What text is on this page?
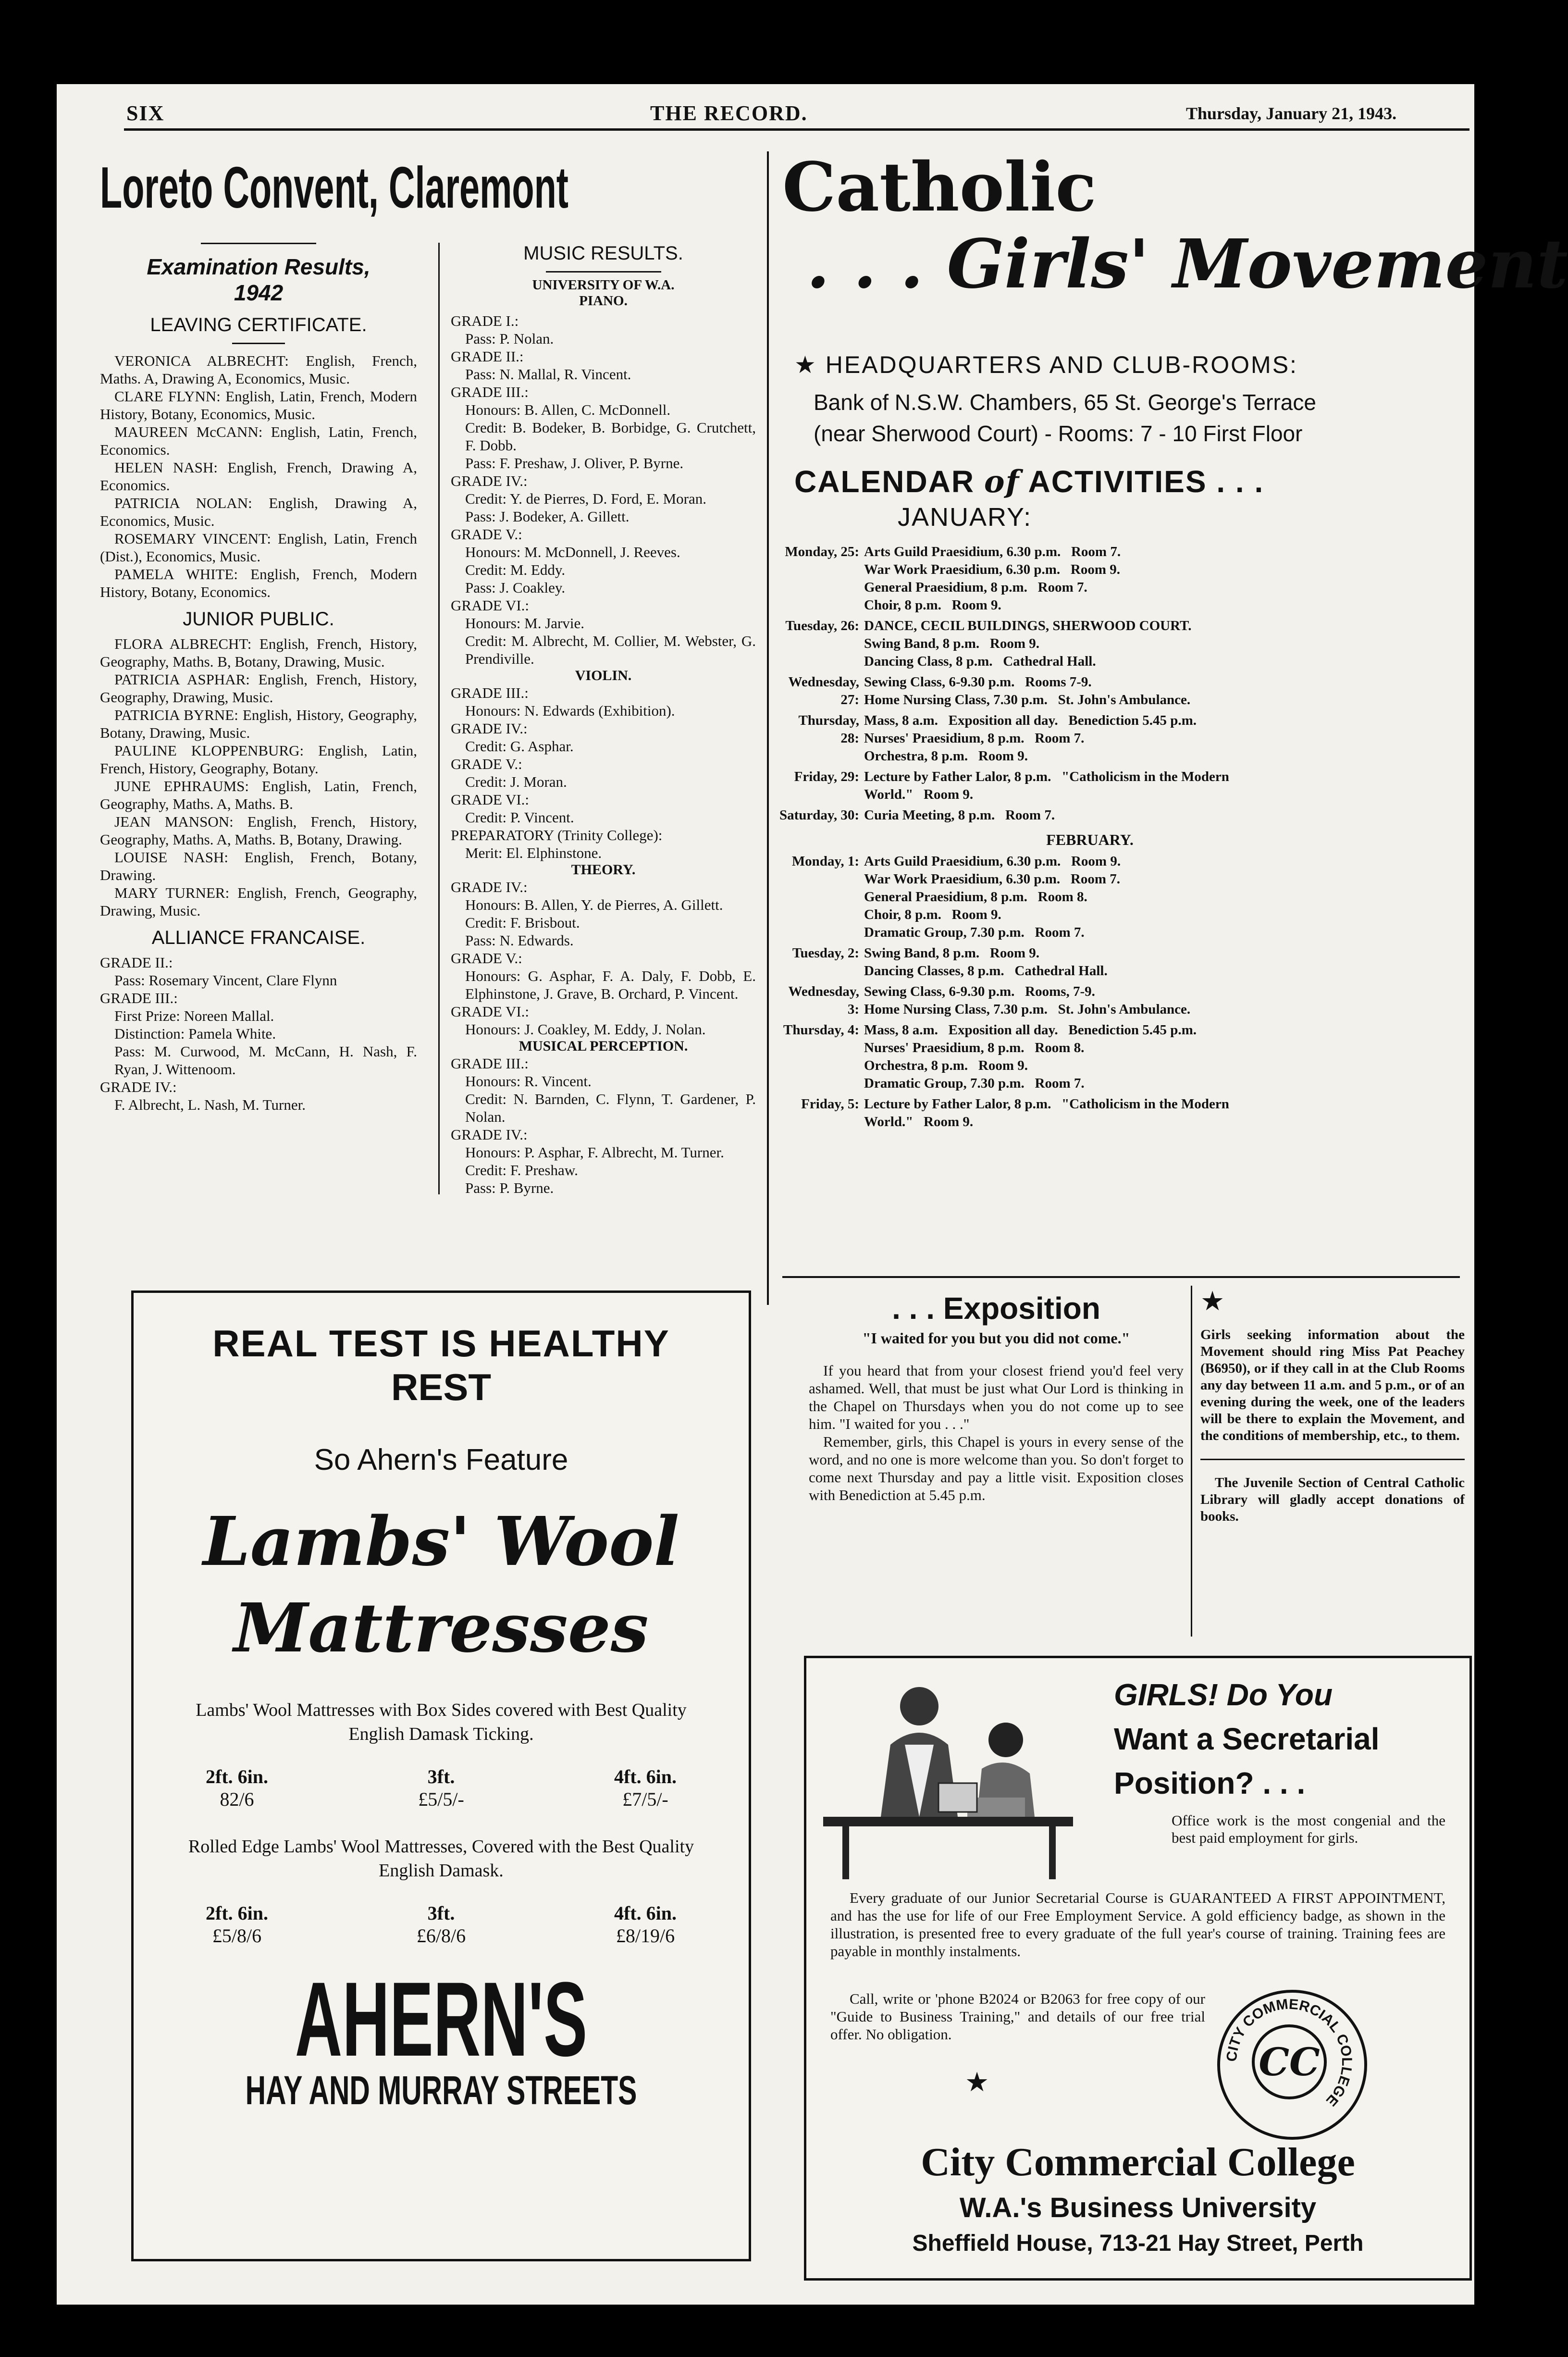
SIX	THE RECORD.	Thursday, January 21, 1943.
Loreto Convent, Claremont
Examination Results,
1942
LEAVING CERTIFICATE.

VERONICA ALBRECHT: English, French, Maths. A, Drawing A, Economics, Music.

CLARE FLYNN: English, Latin, French, Modern History, Botany, Economics, Music.

MAUREEN McCANN: English, Latin, French, Economics.

HELEN NASH: English, French, Drawing A, Economics.

PATRICIA NOLAN: English, Drawing A, Economics, Music.

ROSEMARY VINCENT: English, Latin, French (Dist.), Economics, Music.

PAMELA WHITE: English, French, Modern History, Botany, Economics.

JUNIOR PUBLIC.

FLORA ALBRECHT: English, French, History, Geography, Maths. B, Botany, Drawing, Music.

PATRICIA ASPHAR: English, French, History, Geography, Drawing, Music.

PATRICIA BYRNE: English, History, Geography, Botany, Drawing, Music.

PAULINE KLOPPENBURG: English, Latin, French, History, Geography, Botany.

JUNE EPHRAUMS: English, Latin, French, Geography, Maths. A, Maths. B.

JEAN MANSON: English, French, History, Geography, Maths. A, Maths. B, Botany, Drawing.

LOUISE NASH: English, French, Botany, Drawing.

MARY TURNER: English, French, Geography, Drawing, Music.

ALLIANCE FRANCAISE.

GRADE II.:

Pass: Rosemary Vincent, Clare Flynn

GRADE III.:

First Prize: Noreen Mallal.

Distinction: Pamela White.

Pass: M. Curwood, M. McCann, H. Nash, F. Ryan, J. Wittenoom.

GRADE IV.:

F. Albrecht, L. Nash, M. Turner.

MUSIC RESULTS.
UNIVERSITY OF W.A.
PIANO.

GRADE I.:

Pass: P. Nolan.

GRADE II.:

Pass: N. Mallal, R. Vincent.

GRADE III.:

Honours: B. Allen, C. McDonnell.

Credit: B. Bodeker, B. Borbidge, G. Crutchett, F. Dobb.

Pass: F. Preshaw, J. Oliver, P. Byrne.

GRADE IV.:

Credit: Y. de Pierres, D. Ford, E. Moran.

Pass: J. Bodeker, A. Gillett.

GRADE V.:

Honours: M. McDonnell, J. Reeves.

Credit: M. Eddy.

Pass: J. Coakley.

GRADE VI.:

Honours: M. Jarvie.

Credit: M. Albrecht, M. Collier, M. Webster, G. Prendiville.

VIOLIN.

GRADE III.:

Honours: N. Edwards (Exhibition).

GRADE IV.:

Credit: G. Asphar.

GRADE V.:

Credit: J. Moran.

GRADE VI.:

Credit: P. Vincent.

PREPARATORY (Trinity College):

Merit: El. Elphinstone.

THEORY.

GRADE IV.:

Honours: B. Allen, Y. de Pierres, A. Gillett.

Credit: F. Brisbout.

Pass: N. Edwards.

GRADE V.:

Honours: G. Asphar, F. A. Daly, F. Dobb, E. Elphinstone, J. Grave, B. Orchard, P. Vincent.

GRADE VI.:

Honours: J. Coakley, M. Eddy, J. Nolan.

MUSICAL PERCEPTION.

GRADE III.:

Honours: R. Vincent.

Credit: N. Barnden, C. Flynn, T. Gardener, P. Nolan.

GRADE IV.:

Honours: P. Asphar, F. Albrecht, M. Turner.

Credit: F. Preshaw.

Pass: P. Byrne.

REAL TEST IS HEALTHY
REST
So Ahern's Feature
Lambs' Wool
Mattresses
Lambs' Wool Mattresses with Box Sides covered with Best Quality English Damask Ticking.
2ft. 6in.
82/6
3ft.
£5/5/-
4ft. 6in.
£7/5/-
Rolled Edge Lambs' Wool Mattresses, Covered with the Best Quality English Damask.
2ft. 6in.
£5/8/6
3ft.
£6/8/6
4ft. 6in.
£8/19/6
AHERN'S
HAY AND MURRAY STREETS
Catholic
. . . Girls' Movement
★ HEADQUARTERS AND CLUB-ROOMS:
Bank of N.S.W. Chambers, 65 St. George's Terrace
(near Sherwood Court) - Rooms: 7 - 10 First Floor
CALENDAR of ACTIVITIES . . .
JANUARY:
Monday, 25: Arts Guild Praesidium, 6.30 p.m.   Room 7.
War Work Praesidium, 6.30 p.m.   Room 9.
General Praesidium, 8 p.m.   Room 7.
Choir, 8 p.m.   Room 9.
Tuesday, 26: DANCE, CECIL BUILDINGS, SHERWOOD COURT.
Swing Band, 8 p.m.   Room 9.
Dancing Class, 8 p.m.   Cathedral Hall.
Wednesday, 27:
Sewing Class, 6-9.30 p.m.   Rooms 7-9.
Home Nursing Class, 7.30 p.m.   St. John's Ambulance.
Thursday, 28:
Mass, 8 a.m.   Exposition all day.   Benediction 5.45 p.m.
Nurses' Praesidium, 8 p.m.   Room 7.
Orchestra, 8 p.m.   Room 9.
Friday, 29: Lecture by Father Lalor, 8 p.m.   "Catholicism in the Modern
World."   Room 9.
Saturday, 30: Curia Meeting, 8 p.m.   Room 7.
FEBRUARY.
Monday, 1: Arts Guild Praesidium, 6.30 p.m.   Room 9.
War Work Praesidium, 6.30 p.m.   Room 7.
General Praesidium, 8 p.m.   Room 8.
Choir, 8 p.m.   Room 9.
Dramatic Group, 7.30 p.m.   Room 7.
Tuesday, 2: Swing Band, 8 p.m.   Room 9.
Dancing Classes, 8 p.m.   Cathedral Hall.
Wednesday, 3:
Sewing Class, 6-9.30 p.m.   Rooms, 7-9.
Home Nursing Class, 7.30 p.m.   St. John's Ambulance.
Thursday, 4: Mass, 8 a.m.   Exposition all day.   Benediction 5.45 p.m.
Nurses' Praesidium, 8 p.m.   Room 8.
Orchestra, 8 p.m.   Room 9.
Dramatic Group, 7.30 p.m.   Room 7.
Friday, 5: Lecture by Father Lalor, 8 p.m.   "Catholicism in the Modern
World."   Room 9.
. . . Exposition
"I waited for you but you did not come."

If you heard that from your closest friend you'd feel very ashamed. Well, that must be just what Our Lord is thinking in the Chapel on Thursdays when you do not come up to see him. "I waited for you . . ."

Remember, girls, this Chapel is yours in every sense of the word, and no one is more welcome than you. So don't forget to come next Thursday and pay a little visit. Exposition closes with Benediction at 5.45 p.m.

★

Girls seeking information about the Movement should ring Miss Pat Peachey (B6950), or if they call in at the Club Rooms any day between 11 a.m. and 5 p.m., or of an evening during the week, one of the leaders will be there to explain the Movement, and the conditions of membership, etc., to them.

The Juvenile Section of Central Catholic Library will gladly accept donations of books.

GIRLS! Do You
Want a Secretarial
Position? . . .

Office work is the most congenial and the best paid employment for girls.

Every graduate of our Junior Secretarial Course is GUARANTEED A FIRST APPOINTMENT, and has the use for life of our Free Employment Service. A gold efficiency badge, as shown in the illustration, is presented free to every graduate of the full year's course of training. Training fees are payable in monthly instalments.

Call, write or 'phone B2024 or B2063 for free copy of our "Guide to Business Training," and details of our free trial offer. No obligation.

CITY COMMERCIAL COLLEGE
CC
★
City Commercial College
W.A.'s Business University
Sheffield House, 713-21 Hay Street, Perth
